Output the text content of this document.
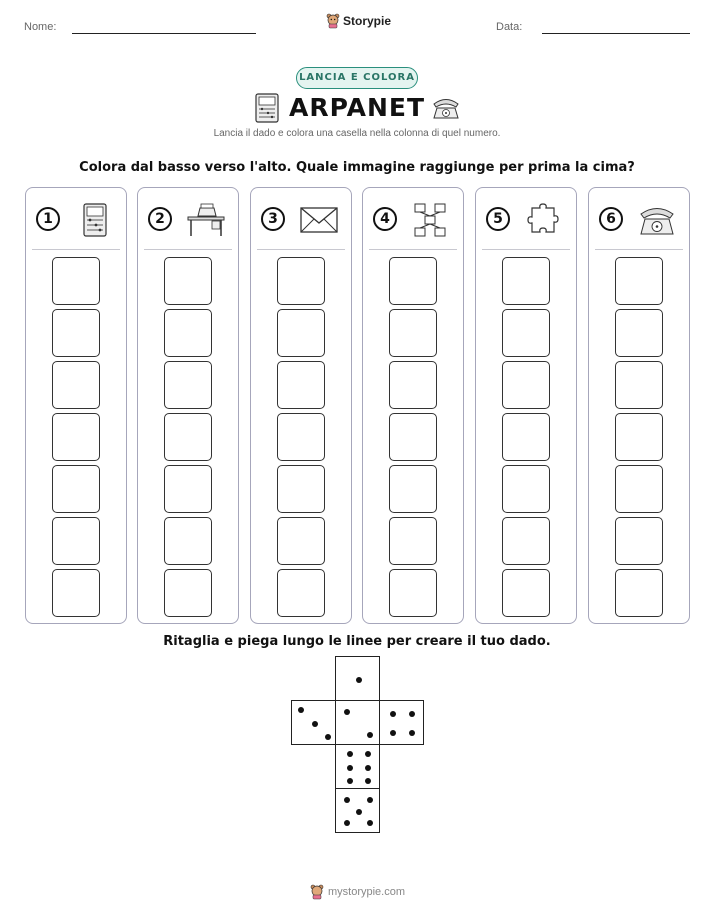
Nome:	Storypie	Data:
LANCIA E COLORA
ARPANET
Lancia il dado e colora una casella nella colonna di quel numero.
Colora dal basso verso l'alto. Quale immagine raggiunge per prima la cima?
1	2	3	4	5	6
Ritaglia e piega lungo le linee per creare il tuo dado.
mystorypie.com
